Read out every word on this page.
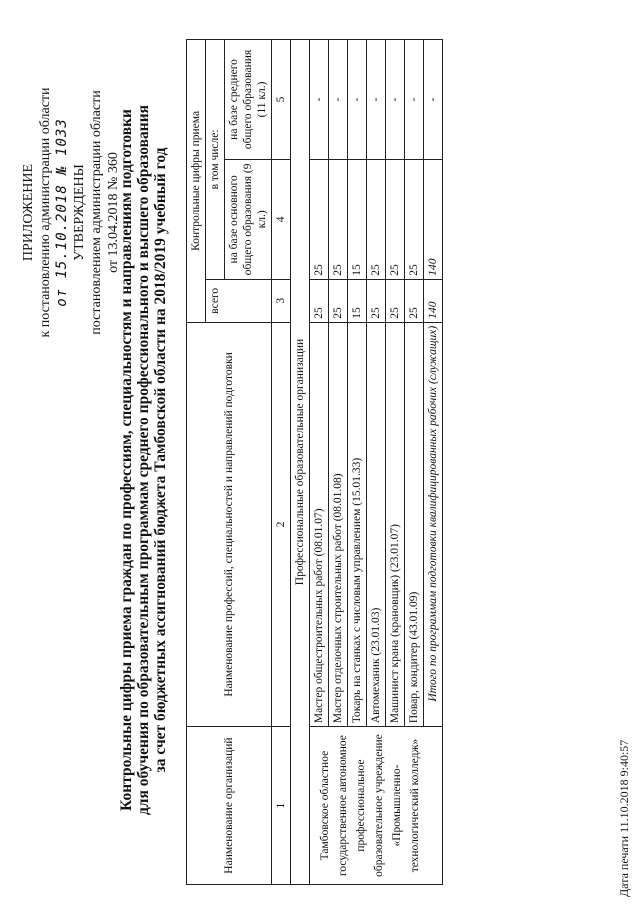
ПРИЛОЖЕНИЕ к постановлению администрации области от 15.10.2018 № 1033 УТВЕРЖДЕНЫ постановлением администрации области от 13.04.2018 № 360
Контрольные цифры приема граждан по профессиям, специальностям и направлениям подготовки для обучения по образовательным программам среднего профессионального и высшего образования за счет бюджетных ассигнований бюджета Тамбовской области на 2018/2019 учебный год
Наименование организаций	Наименование профессий, специальностей и направлений подготовки	Контрольные цифры приема		
		всего	в том числе:	
			на базе основного общего образования (9 кл.)	на базе среднего общего образования (11 кл.)
1	2	3	4	5
Профессиональные образовательные организации				
Тамбовское областное государственное автономное профессиональное образовательное учреждение «Промышленно-технологический колледж»	Мастер общестроительных работ (08.01.07)	25	25	-
	Мастер отделочных строительных работ (08.01.08)	25	25	-
	Токарь на станках с числовым управлением (15.01.33)	15	15	-
	Автомеханик (23.01.03)	25	25	-
	Машинист крана (крановщик) (23.01.07)	25	25	-
	Повар, кондитер (43.01.09)	25	25	-
	Итого по программам подготовки квалифицированных рабочих (служащих)	140	140	-
Дата печати 11.10.2018 9:40:57
